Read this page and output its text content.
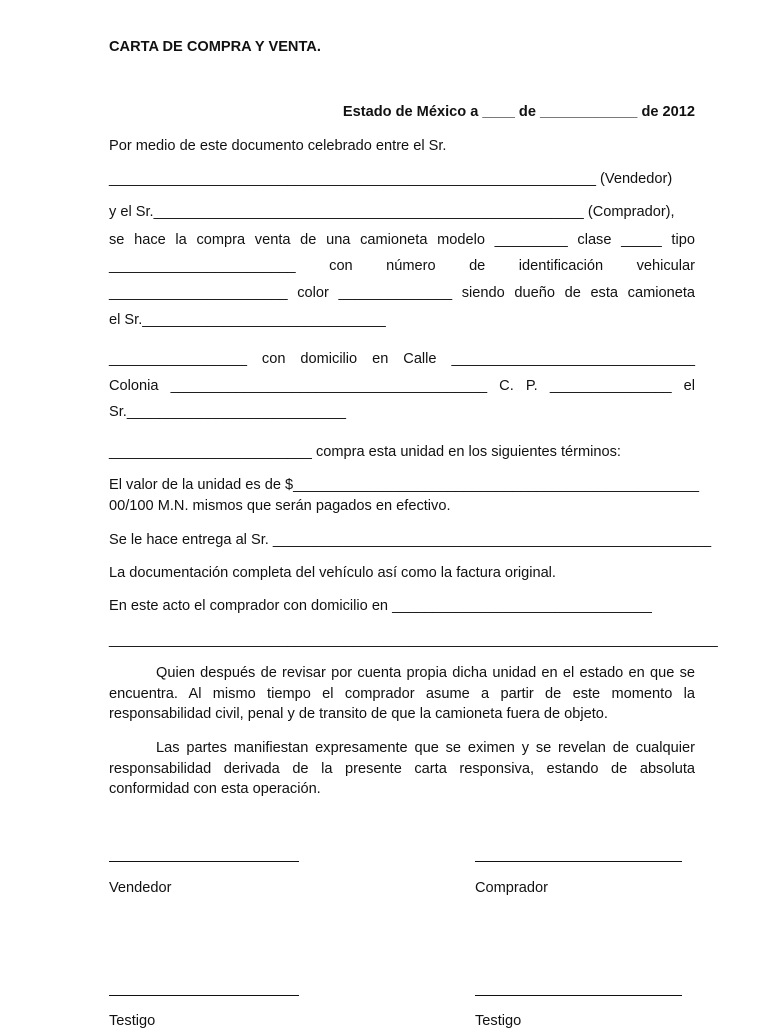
CARTA DE COMPRA Y VENTA.
Estado de México a ____ de ____________ de 2012
Por medio de este documento celebrado entre el Sr.
____________________________________________________________ (Vendedor)
y el Sr._____________________________________________________ (Comprador),
se hace la compra venta de una camioneta modelo _________ clase _____ tipo
_______________________ con número de identificación vehicular
______________________ color ______________ siendo dueño de esta camioneta
el Sr.______________________________
_________________ con domicilio en Calle ______________________________
Colonia _______________________________________ C. P. _______________ el
Sr.___________________________
_________________________ compra esta unidad en los siguientes términos:
El valor de la unidad es de $__________________________________________________
00/100 M.N. mismos que serán pagados en efectivo.
Se le hace entrega al Sr. ______________________________________________________
La documentación completa del vehículo así como la factura original.
En este acto el comprador con domicilio en ________________________________
___________________________________________________________________________

Quien después de revisar por cuenta propia dicha unidad en el estado en que se encuentra. Al mismo tiempo el comprador asume a partir de este momento la responsabilidad civil, penal y de transito de que la camioneta fuera de objeto.

Las partes manifiestan expresamente que se eximen y se revelan de cualquier responsabilidad derivada de la presente carta responsiva, estando de absoluta conformidad con esta operación.

Vendedor	Comprador
Testigo	Testigo
